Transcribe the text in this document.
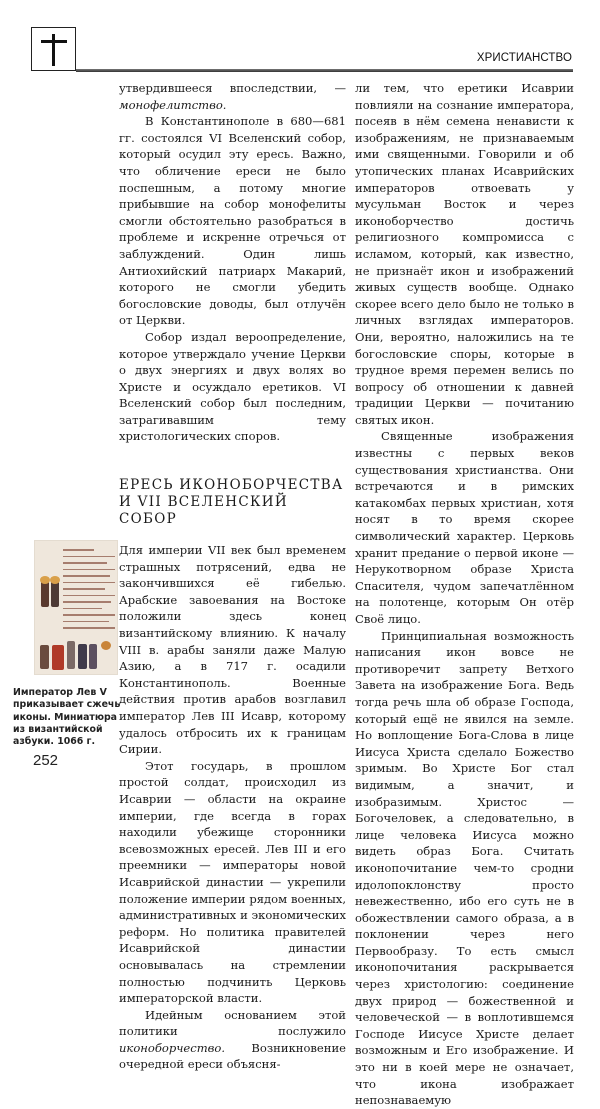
ХРИСТИАНСТВО

утвердившееся впоследствии, — монофелитство.

В Константинополе в 680—681 гг. состоялся VI Вселенский собор, который осудил эту ересь. Важно, что обличение ереси не было поспешным, а потому многие прибывшие на собор монофелиты смогли обстоятельно разобраться в проблеме и искренне отречься от заблуждений. Один лишь Антиохийский патриарх Макарий, которого не смогли убедить богословские доводы, был отлучён от Церкви.

Собор издал вероопределение, которое утверждало учение Церкви о двух энергиях и двух волях во Христе и осуждало еретиков. VI Вселенский собор был последним, затрагивавшим тему христологических споров.

ЕРЕСЬ ИКОНОБОРЧЕСТВА
И VII ВСЕЛЕНСКИЙ СОБОР

Для империи VII век был временем страшных потрясений, едва не закончившихся её гибелью. Арабские завоевания на Востоке положили здесь конец византийскому влиянию. К началу VIII в. арабы заняли даже Малую Азию, а в 717 г. осадили Константинополь. Военные действия против арабов возглавил император Лев III Исавр, которому удалось отбросить их к границам Сирии.

Этот государь, в прошлом простой солдат, происходил из Исаврии — области на окраине империи, где всегда в горах находили убежище сторонники всевозможных ересей. Лев III и его преемники — императоры новой Исаврийской династии — укрепили положение империи рядом военных, административных и экономических реформ. Но политика правителей Исаврийской династии основывалась на стремлении полностью подчинить Церковь императорской власти.

Идейным основанием этой политики послужило иконоборчество. Возникновение очередной ереси объясня-

ли тем, что еретики Исаврии повлияли на сознание императора, посеяв в нём семена ненависти к изображениям, не признаваемым ими священными. Говорили и об утопических планах Исаврийских императоров отвоевать у мусульман Восток и через иконоборчество достичь религиозного компромисса с исламом, который, как известно, не признаёт икон и изображений живых существ вообще. Однако скорее всего дело было не только в личных взглядах императоров. Они, вероятно, наложились на те богословские споры, которые в трудное время перемен велись по вопросу об отношении к давней традиции Церкви — почитанию святых икон.

Священные изображения известны с первых веков существования христианства. Они встречаются и в римских катакомбах первых христиан, хотя носят в то время скорее символический характер. Церковь хранит предание о первой иконе — Нерукотворном образе Христа Спасителя, чудом запечатлённом на полотенце, которым Он отёр Своё лицо.

Принципиальная возможность написания икон вовсе не противоречит запрету Ветхого Завета на изображение Бога. Ведь тогда речь шла об образе Господа, который ещё не явился на земле. Но воплощение Бога-Слова в лице Иисуса Христа сделало Божество зримым. Во Христе Бог стал видимым, а значит, и изобразимым. Христос — Богочеловек, а следовательно, в лице человека Иисуса можно видеть образ Бога. Считать иконопочитание чем-то сродни идолопоклонству просто невежественно, ибо его суть не в обожествлении самого образа, а в поклонении через него Первообразу. То есть смысл иконопочитания раскрывается через христологию: соединение двух природ — божественной и человеческой — в воплотившемся Господе Иисусе Христе делает возможным и Его изображение. И это ни в коей мере не означает, что икона изображает непознаваемую

Император Лев V приказывает сжечь иконы. Миниатюра из византийской азбуки. 1066 г.
252
